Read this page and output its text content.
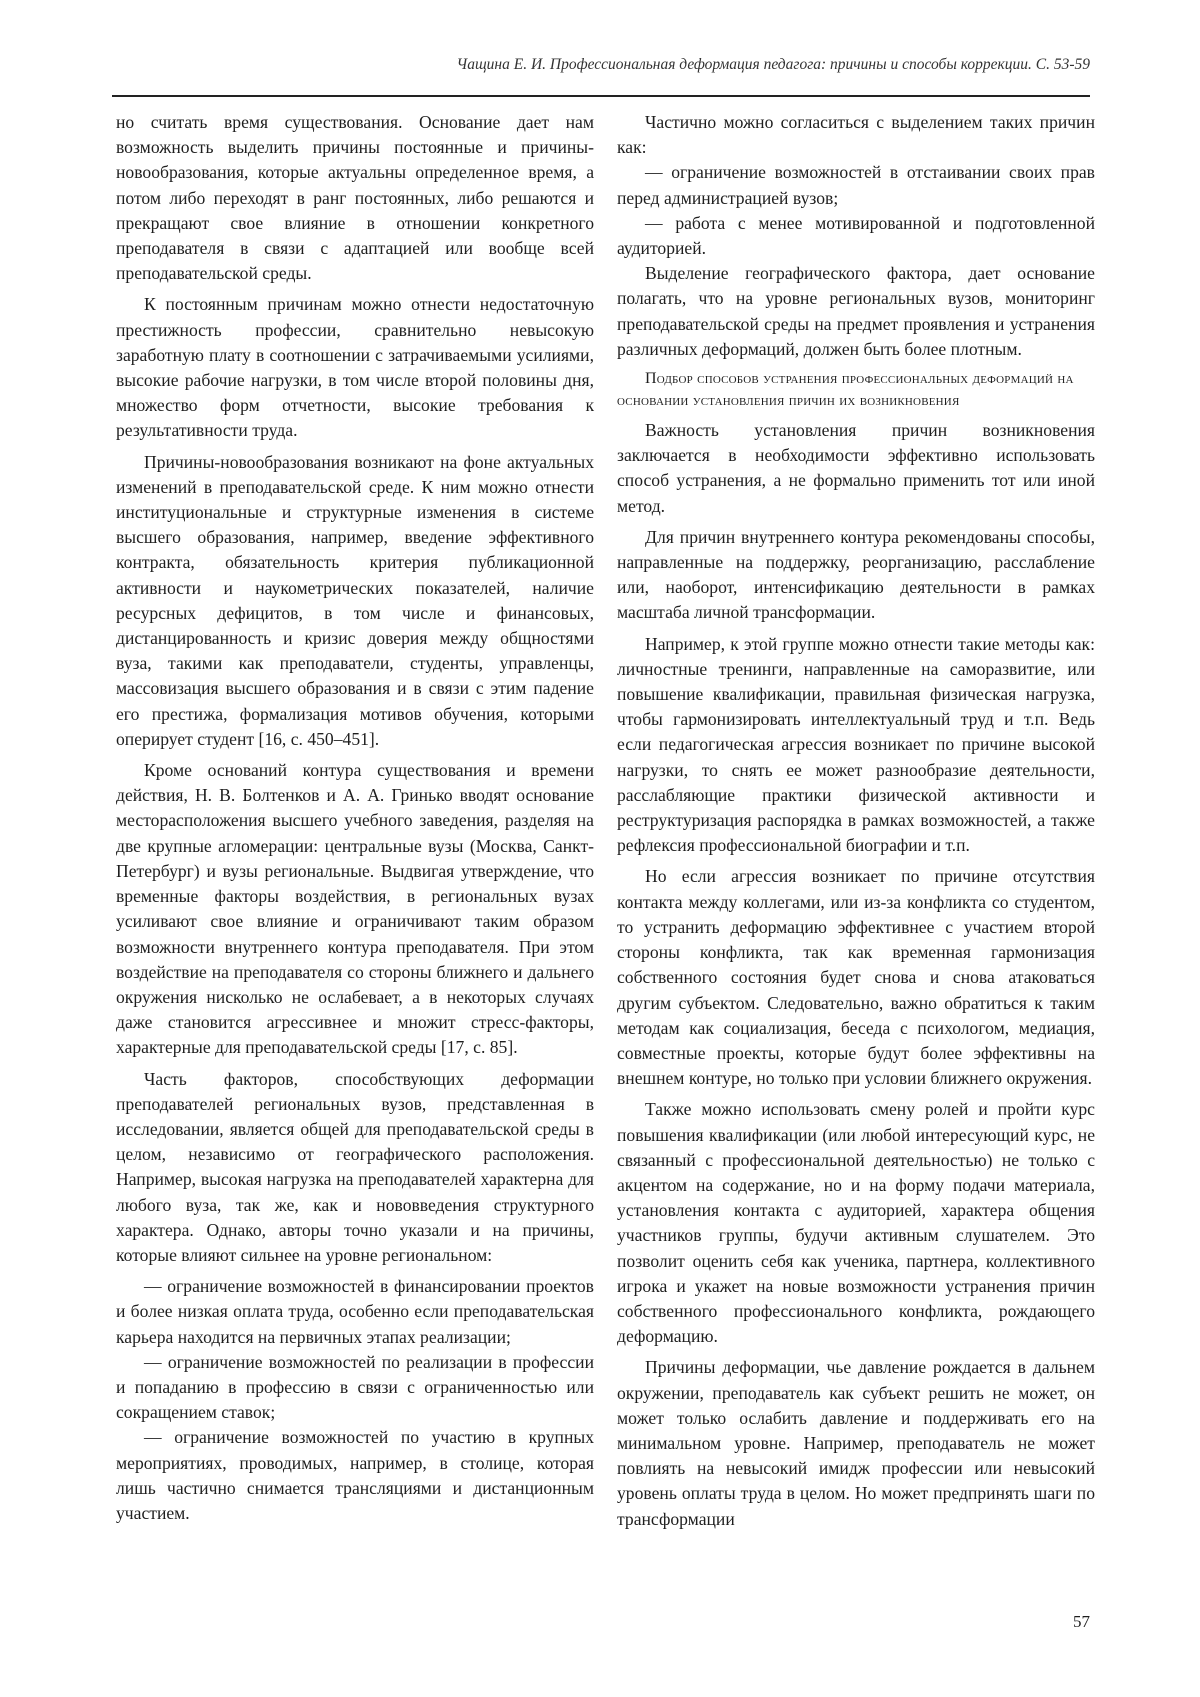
Чащина Е. И. Профессиональная деформация педагога: причины и способы коррекции. С. 53-59

но считать время существования. Основание дает нам возможность выделить причины постоянные и причины- новообразования, которые актуальны определенное время, а потом либо переходят в ранг постоянных, либо решаются и прекращают свое влияние в отношении конкретного преподавателя в связи с адаптацией или вообще всей преподавательской среды.

К постоянным причинам можно отнести недостаточную престижность профессии, сравнительно невысокую заработную плату в соотношении с затрачиваемыми усилиями, высокие рабочие нагрузки, в том числе второй половины дня, множество форм отчетности, высокие требования к результативности труда.

Причины-новообразования возникают на фоне актуальных изменений в преподавательской среде. К ним можно отнести институциональные и структурные изменения в системе высшего образования, например, введение эффективного контракта, обязательность критерия публикационной активности и наукометрических показателей, наличие ресурсных дефицитов, в том числе и финансовых, дистанцированность и кризис доверия между общностями вуза, такими как преподаватели, студенты, управленцы, массовизация высшего образования и в связи с этим падение его престижа, формализация мотивов обучения, которыми оперирует студент [16, с. 450–451].

Кроме оснований контура существования и времени действия, Н. В. Болтенков и А. А. Гринько вводят основание месторасположения высшего учебного заведения, разделяя на две крупные агломерации: центральные вузы (Москва, Санкт-Петербург) и вузы региональные. Выдвигая утверждение, что временные факторы воздействия, в региональных вузах усиливают свое влияние и ограничивают таким образом возможности внутреннего контура преподавателя. При этом воздействие на преподавателя со стороны ближнего и дальнего окружения нисколько не ослабевает, а в некоторых случаях даже становится агрессивнее и множит стресс-факторы, характерные для преподавательской среды [17, с. 85].

Часть факторов, способствующих деформации преподавателей региональных вузов, представленная в исследовании, является общей для преподавательской среды в целом, независимо от географического расположения. Например, высокая нагрузка на преподавателей характерна для любого вуза, так же, как и нововведения структурного характера. Однако, авторы точно указали и на причины, которые влияют сильнее на уровне региональном:

— ограничение возможностей в финансировании проектов и более низкая оплата труда, особенно если преподавательская карьера находится на первичных этапах реализации;

— ограничение возможностей по реализации в профессии и попаданию в профессию в связи с ограниченностью или сокращением ставок;

— ограничение возможностей по участию в крупных мероприятиях, проводимых, например, в столице, которая лишь частично снимается трансляциями и дистанционным участием.

Частично можно согласиться с выделением таких причин как:

— ограничение возможностей в отстаивании своих прав перед администрацией вузов;

— работа с менее мотивированной и подготовленной аудиторией.

Выделение географического фактора, дает основание полагать, что на уровне региональных вузов, мониторинг преподавательской среды на предмет проявления и устранения различных деформаций, должен быть более плотным.

Подбор способов устранения профессиональных деформаций на основании установления причин их возникновения

Важность установления причин возникновения заключается в необходимости эффективно использовать способ устранения, а не формально применить тот или иной метод.

Для причин внутреннего контура рекомендованы способы, направленные на поддержку, реорганизацию, расслабление или, наоборот, интенсификацию деятельности в рамках масштаба личной трансформации.

Например, к этой группе можно отнести такие методы как: личностные тренинги, направленные на саморазвитие, или повышение квалификации, правильная физическая нагрузка, чтобы гармонизировать интеллектуальный труд и т.п. Ведь если педагогическая агрессия возникает по причине высокой нагрузки, то снять ее может разнообразие деятельности, расслабляющие практики физической активности и реструктуризация распорядка в рамках возможностей, а также рефлексия профессиональной биографии и т.п.

Но если агрессия возникает по причине отсутствия контакта между коллегами, или из-за конфликта со студентом, то устранить деформацию эффективнее с участием второй стороны конфликта, так как временная гармонизация собственного состояния будет снова и снова атаковаться другим субъектом. Следовательно, важно обратиться к таким методам как социализация, беседа с психологом, медиация, совместные проекты, которые будут более эффективны на внешнем контуре, но только при условии ближнего окружения.

Также можно использовать смену ролей и пройти курс повышения квалификации (или любой интересующий курс, не связанный с профессиональной деятельностью) не только с акцентом на содержание, но и на форму подачи материала, установления контакта с аудиторией, характера общения участников группы, будучи активным слушателем. Это позволит оценить себя как ученика, партнера, коллективного игрока и укажет на новые возможности устранения причин собственного профессионального конфликта, рождающего деформацию.

Причины деформации, чье давление рождается в дальнем окружении, преподаватель как субъект решить не может, он может только ослабить давление и поддерживать его на минимальном уровне. Например, преподаватель не может повлиять на невысокий имидж профессии или невысокий уровень оплаты труда в целом. Но может предпринять шаги по трансформации

57
